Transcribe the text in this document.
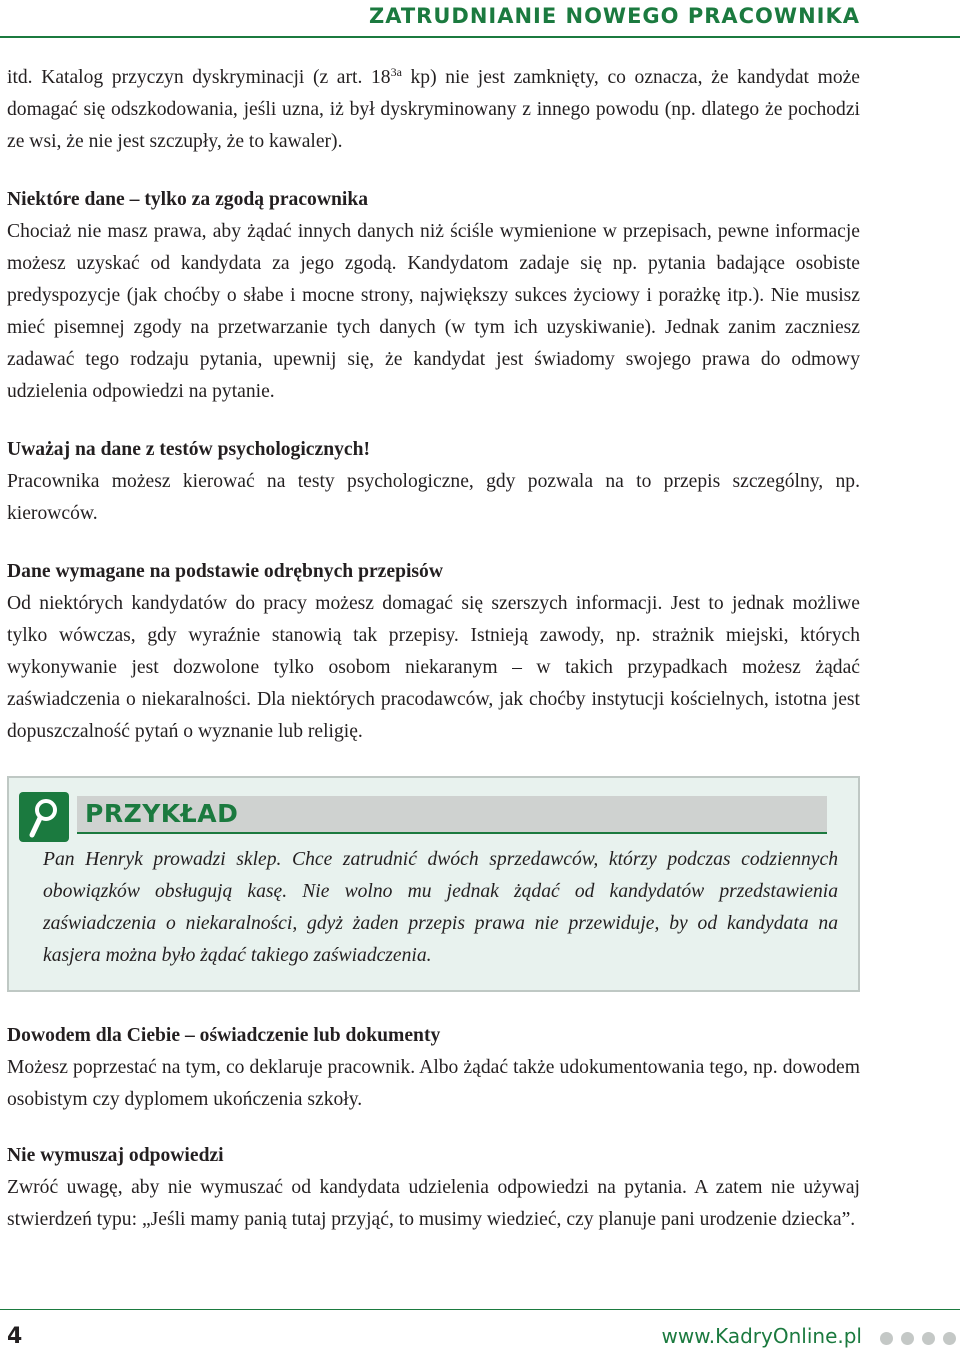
ZATRUDNIANIE NOWEGO PRACOWNIKA

itd. Katalog przyczyn dyskryminacji (z art. $18^{3a}$ kp) nie jest zamknięty, co oznacza, że kandydat może domagać się odszkodowania, jeśli uzna, iż był dyskryminowany z innego powodu (np. dlatego że pochodzi ze wsi, że nie jest szczupły, że to kawaler).

Niektóre dane – tylko za zgodą pracownika

Chociaż nie masz prawa, aby żądać innych danych niż ściśle wymienione w przepisach, pewne informacje możesz uzyskać od kandydata za jego zgodą. Kandydatom zadaje się np. pytania badające osobiste predyspozycje (jak choćby o słabe i mocne strony, największy sukces życiowy i porażkę itp.). Nie musisz mieć pisemnej zgody na przetwarzanie tych danych (w tym ich uzyskiwanie). Jednak zanim zaczniesz zadawać tego rodzaju pytania, upewnij się, że kandydat jest świadomy swojego prawa do odmowy udzielenia odpowiedzi na pytanie.

Uważaj na dane z testów psychologicznych!

Pracownika możesz kierować na testy psychologiczne, gdy pozwala na to przepis szczególny, np. kierowców.

Dane wymagane na podstawie odrębnych przepisów

Od niektórych kandydatów do pracy możesz domagać się szerszych informacji. Jest to jednak możliwe tylko wówczas, gdy wyraźnie stanowią tak przepisy. Istnieją zawody, np. strażnik miejski, których wykonywanie jest dozwolone tylko osobom niekaranym – w takich przypadkach możesz żądać zaświadczenia o niekaralności. Dla niektórych pracodawców, jak choćby instytucji kościelnych, istotna jest dopuszczalność pytań o wyznanie lub religię.

PRZYKŁAD

Pan Henryk prowadzi sklep. Chce zatrudnić dwóch sprzedawców, którzy podczas codziennych obowiązków obsługują kasę. Nie wolno mu jednak żądać od kandydatów przedstawienia zaświadczenia o niekaralności, gdyż żaden przepis prawa nie przewiduje, by od kandydata na kasjera można było żądać takiego zaświadczenia.

Dowodem dla Ciebie – oświadczenie lub dokumenty

Możesz poprzestać na tym, co deklaruje pracownik. Albo żądać także udokumentowania tego, np. dowodem osobistym czy dyplomem ukończenia szkoły.

Nie wymuszaj odpowiedzi

Zwróć uwagę, aby nie wymuszać od kandydata udzielenia odpowiedzi na pytania. A zatem nie używaj stwierdzeń typu: „Jeśli mamy panią tutaj przyjąć, to musimy wiedzieć, czy planuje pani urodzenie dziecka”.

4	www.KadryOnline.pl
